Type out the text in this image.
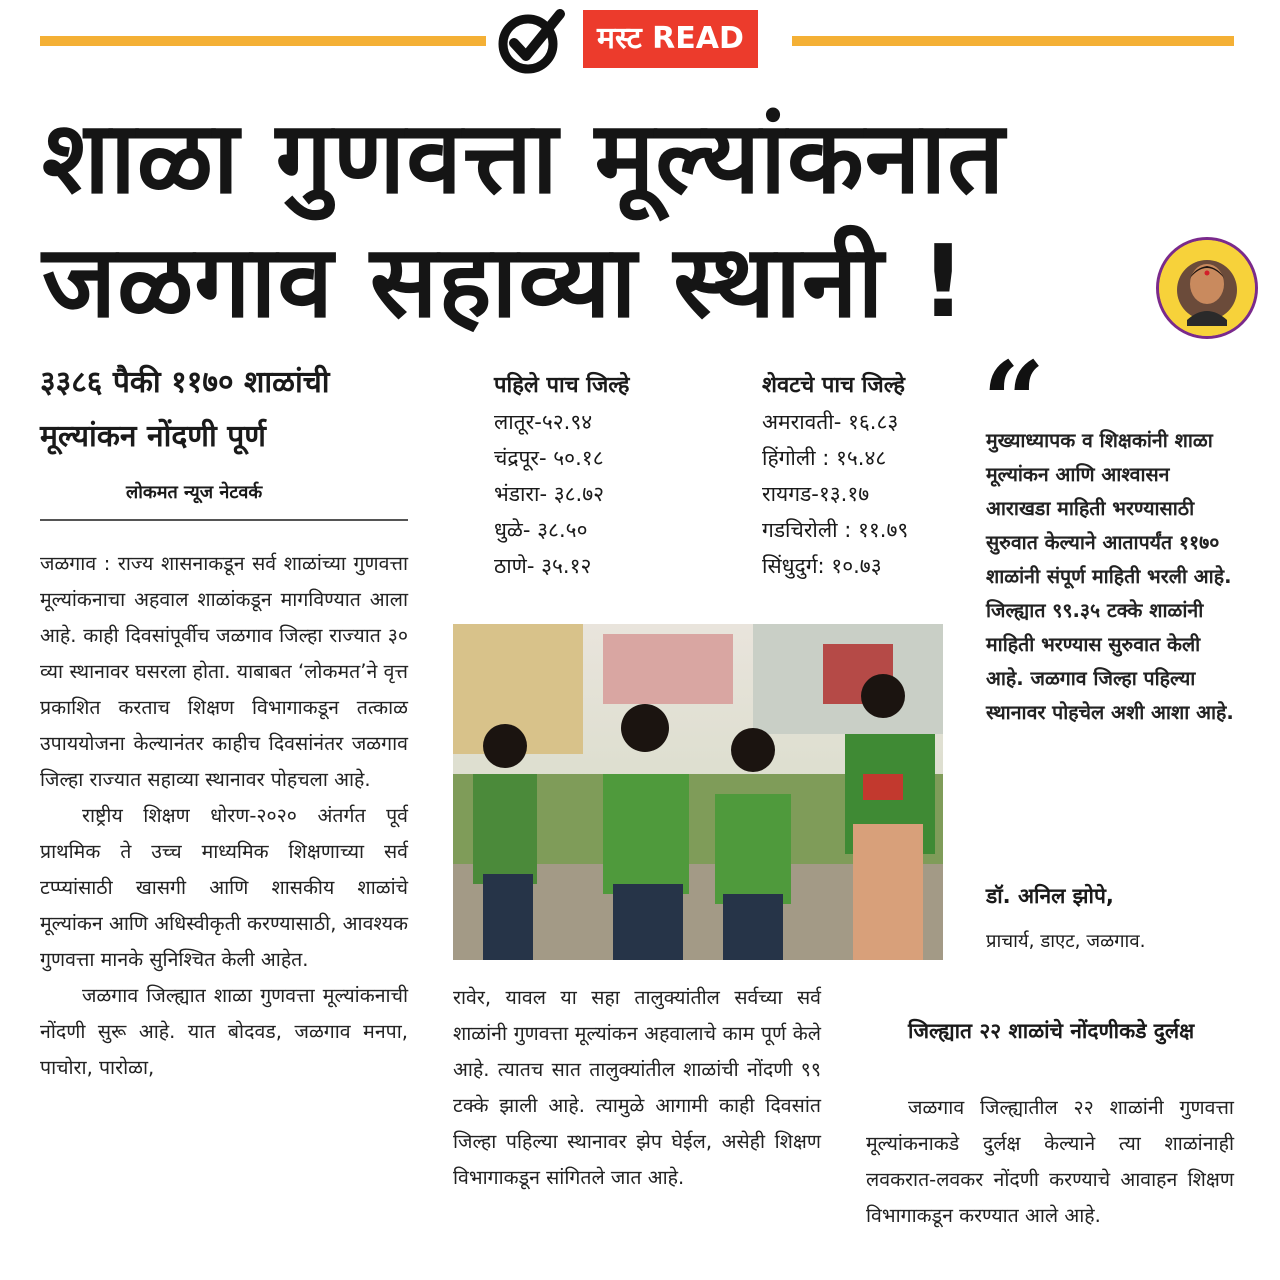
मस्ट READ
शाळा गुणवत्ता मूल्यांकनात
जळगाव सहाव्या स्थानी !
३३८६ पैकी ११७० शाळांची
मूल्यांकन नोंदणी पूर्ण
लोकमत न्यूज नेटवर्क

जळगाव : राज्य शासनाकडून सर्व शाळांच्या गुणवत्ता मूल्यांकनाचा अहवाल शाळांकडून मागविण्यात आला आहे. काही दिवसांपूर्वीच जळगाव जिल्हा राज्यात ३० व्या स्थानावर घसरला होता. याबाबत ‘लोकमत’ने वृत्त प्रकाशित करताच शिक्षण विभागाकडून तत्काळ उपाययोजना केल्यानंतर काहीच दिवसांनंतर जळगाव जिल्हा राज्यात सहाव्या स्थानावर पोहचला आहे.

राष्ट्रीय शिक्षण धोरण-२०२० अंतर्गत पूर्व प्राथमिक ते उच्च माध्यमिक शिक्षणाच्या सर्व टप्प्यांसाठी खासगी आणि शासकीय शाळांचे मूल्यांकन आणि अधिस्वीकृती करण्यासाठी, आवश्यक गुणवत्ता मानके सुनिश्चित केली आहेत.

जळगाव जिल्ह्यात शाळा गुणवत्ता मूल्यांकनाची नोंदणी सुरू आहे. यात बोदवड, जळगाव मनपा, पाचोरा, पारोळा,

पहिले पाच जिल्हे
लातूर-५२.९४
चंद्रपूर- ५०.१८
भंडारा- ३८.७२
धुळे- ३८.५०
ठाणे- ३५.१२
शेवटचे पाच जिल्हे
अमरावती- १६.८३
हिंगोली : १५.४८
रायगड-१३.१७
गडचिरोली : ११.७९
सिंधुदुर्ग: १०.७३
रावेर, यावल या सहा तालुक्यांतील सर्वच्या सर्व शाळांनी गुणवत्ता मूल्यांकन अहवालाचे काम पूर्ण केले आहे. त्यातच सात तालुक्यांतील शाळांची नोंदणी ९९ टक्के झाली आहे. त्यामुळे आगामी काही दिवसांत जिल्हा पहिल्या स्थानावर झेप घेईल, असेही शिक्षण विभागाकडून सांगितले जात आहे.
“
मुख्याध्यापक व शिक्षकांनी शाळा मूल्यांकन आणि आश्वासन आराखडा माहिती भरण्यासाठी सुरुवात केल्याने आतापर्यंत ११७० शाळांनी संपूर्ण माहिती भरली आहे. जिल्ह्यात ९९.३५ टक्के शाळांनी माहिती भरण्यास सुरुवात केली आहे. जळगाव जिल्हा पहिल्या स्थानावर पोहचेल अशी आशा आहे.
डॉ. अनिल झोपे,
प्राचार्य, डाएट, जळगाव.
जिल्ह्यात २२ शाळांचे नोंदणीकडे दुर्लक्ष
जळगाव जिल्ह्यातील २२ शाळांनी गुणवत्ता मूल्यांकनाकडे दुर्लक्ष केल्याने त्या शाळांनाही लवकरात-लवकर नोंदणी करण्याचे आवाहन शिक्षण विभागाकडून करण्यात आले आहे.
